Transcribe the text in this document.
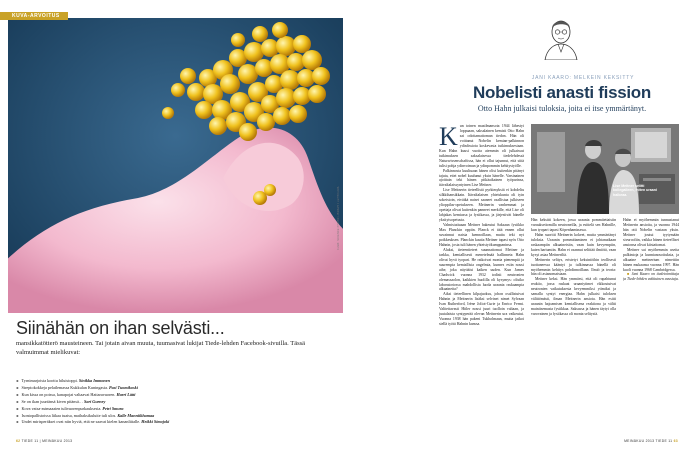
KUVA-ARVOITUS
KUVA: SCIENCE PHOTO LIBRARY / LEHTIKUVA
Siinähän on ihan selvästi...

mansikkatötterö mausteineen. Tai jotain aivan muuta, tuumasivat lukijat Tiede-lehden Facebook-sivuilla. Tässä valmuimmat mielikuvat:

► Tyrnimarjoista koottu hiluistoppi. Sinikka Immonen
► Streptokokkeja pelailemassa Kukkulan Kuningasta. Pasi Tuomikoski
► Kun kissa on poissa, kanapojat valtaavat Hattaravuoren. Harri Lätti
► Se on ikan juurtänsä kiven pitänsä… Sari Gurney
► Kova vatsa-astmaaaien tulivuorenpurkauksesta. Petri Smura
► Isontopallistoissa liikaa tuaisa, maihaksikuluite tuli ulos. Kalle Manniikhamaa
► Undet mirisperäkset ovat niin hyviä, että ne saavat kielen kananliitalle. Heikki Simojoki
62 TIEDE 11 | MEINÄKUU 2013

JANI KAARO: MELKEIN KEKSITTY
Nobelisti anasti fission

Otto Hahn julkaisi tuloksia, joita ei itse ymmärtänyt.

K un toinen maailmansota 1944 lähestyi loppuaan, saksalainen kemisti Otto Hahn sai odottamattoman tiedon. Hän oli voittanut Nobelin kemian-palkinnon ydinfissiota koskevasta tutkimuksestaan. Kun Hahn kuusi vuotta aiemmin oli julkaissut tutkimuksen saksalaisessa tiedelehdessä Naturwissenschaftissa, hän ei ollut tajunnut, että siitä tulisi pohja ydinvoiman ja ydinpommin kehitystyölle.

Palkinnosta kuultuaan hänen olisi kuitenkin pitänyt tajuta, ettei nobel kuulunut yksin hänelle. Varsinainen ajoittain teki hänen pitkäaikainen työparinsa, itävaltalaissyntyinen Lise Meitner.

Lise Meitnerin tieteellistä pyrkimyksiä ei kohdeltu silkkihansikkain. Itävaltalaisen yhteiskunta oli tyin sokeistoin, eivätkä naiset saaneet osallistua julkiseen ylioppilas-opetukseen. Meitnerin vanhemmat ja opettaja olivat kuitenkin panneet merkille, että Lise oli lahjakas kemiassa ja fysiikassa, ja järjestivät hänelle yksityisopetusta.

Valmistuttuaan Meitner hakeutui Saksaan fysiikko Max Planckin oppiin. Planck ei tätä ennen ollut suvainnut naisia luennoillaan, mutta teki nyt poikkeuksen. Planckin kautta Meitner tapasi nyös Otto Hahnin, josta tuli hänen yhteistyökumppaninsa.

Aluksi, tieteentieteet suunnattomat Meitner ja tarkka, kemiallisesti menetelmää hallinneta Hahn olivat hyvä tyopari. He ratkoivat monia pienempiä ja suurempia kemiallisia ongelmia, kunnes esiin nousi aihe, joka näyttäisi kaiken uuden. Kun James Chadwick vuonna 1932 todisti neutronien olemassaolon, kaikkien huolilla oli kysymys: olisiko laboratoriossa mahdollista luoda uraania raskaampia alkuaineita?

Aiksi tieteellinen kilpajuoksu, johon osallistuivat Hahnin ja Meitnerin lisäksi selvinet nimet Sylvaan Ivan Rutherford, Irène Joliot-Curie ja Enrico Fermi. Valitettavasti Hitler nousi juuri tuolloin valtaan, ja juutalaista syntyperää olevan Meitnerin ura vaikeutui. Vuonna 1938 hän pakeni Tukholmaan, mutta jatkoi siellä työtä Hahnin kanssa.

Lise Meitner selitti kollegalleen, miten uraani halkeaa.

Hän keksitti kokeen, jossa uraania pommitettaisiin varauksettomilla neutroneilla, ja esittelä sen Hahnille, kun tyopari tapasi Köpenhaminassa.

Hahn suoritti Meitnerin kokeet, mutta ymmärtänyt tuloksia. Uraanin pommittaminen ei johtanutkaan raskaampiin alkuaineisiin, vaan kuin kevyempiin, kuten bariumiin. Hahn ei osannut selittää ilmiötä, vaan kysyi asiaa Meitneriltä.

Meitnerin selitys, eristetyt keksintöihin teollisesti tuottaneessa kääntyi ja tulkinnassa hänellä oli myöhemmin kehitys pohdinnoillaan. Ilmiö ja teoria: hän oli asianomaistaan.

Meitner keksi. Hän ymmärsi, että oli rapahtunut reaktio, jossa raskaat uraaniytimet rikkoutuivat neutronien vaikutuksesta kevyemmiksi ytimiksi ja samalla syntyi energiaa. Hahn julkaisi tuloksen välittömästi, ilman Meitnerin ansiota. Hän esitti uraanin hajoamisen kemiallisena reaktiona ja vältti mainitsemasta fysiikkaa. Saksassa ja hänen täytyi olla varovainen ja fysiikassa oli monta selitystä.

Hahn ei myöhemmin tunnustanut Meitnerin ansioita, ja vuonna 1944 hän otti Nobelin vastaan yksin. Meitner joutui tyytymään sivurooliin, vaikka hänen tieteelliset ansionsa olivat kiistattomat.

Meitner sai myöhemmin useita palkintoja ja kunnianosoituksia, ja alkuaine meitnerium nimettiin hänen mukaansa vuonna 1997. Hän kuoli vuonna 1968 Cambridgessa.

■ Jani Kaaro on tiedetoimittaja ja Tiede-lehden vakituinen avustaja.

MEINÄKUU 2013 TIEDE 11 63
